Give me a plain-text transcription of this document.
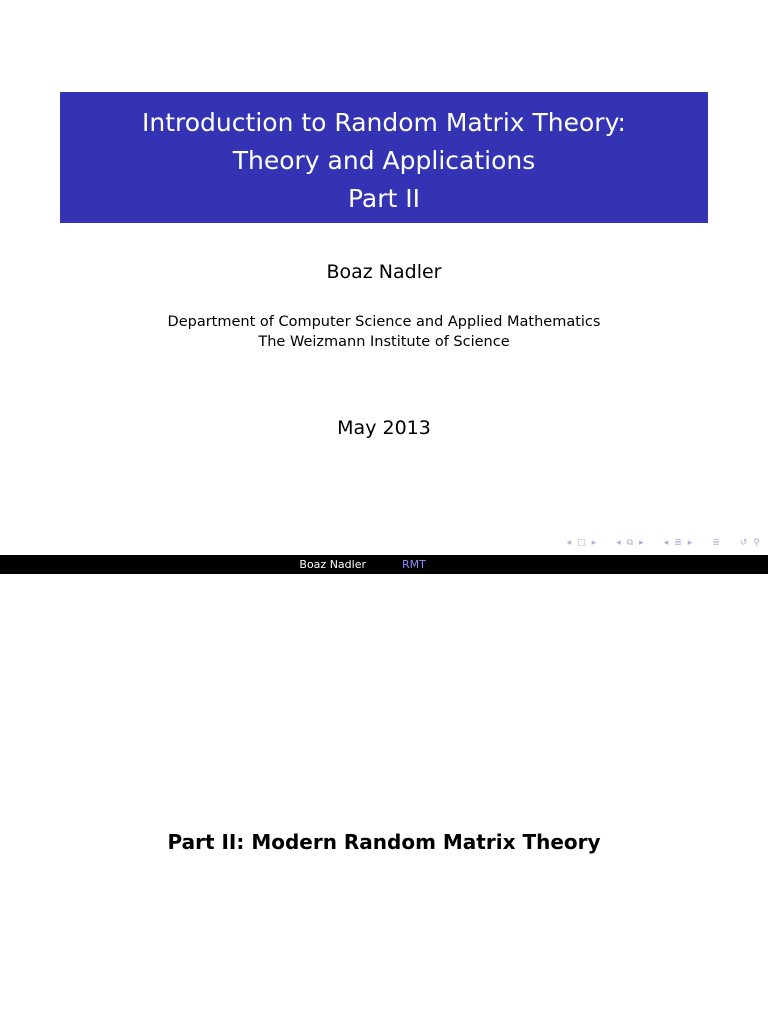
Introduction to Random Matrix Theory:
Theory and Applications
Part II
Boaz Nadler
Department of Computer Science and Applied Mathematics
The Weizmann Institute of Science
May 2013
◂ □ ▸ ◂ ⧉ ▸ ◂ ≣ ▸ ≣ ↺ ⚲
Boaz Nadler	RMT
Part II: Modern Random Matrix Theory
